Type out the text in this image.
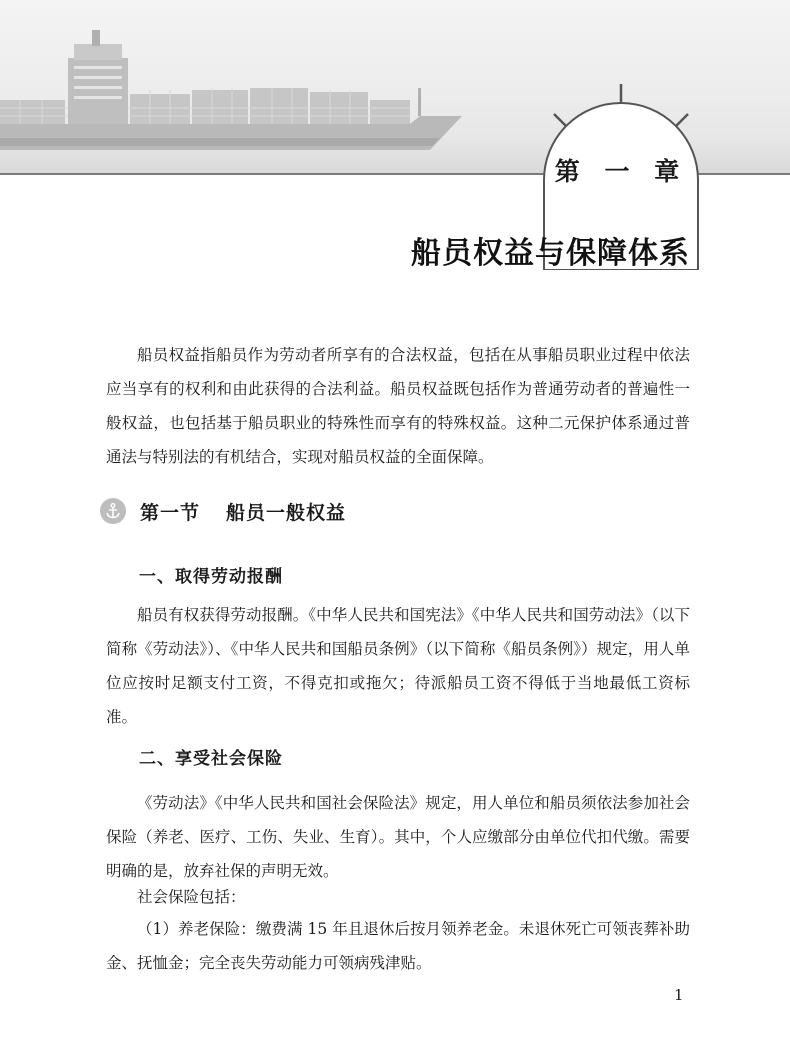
第 一 章
船员权益与保障体系

船员权益指船员作为劳动者所享有的合法权益，包括在从事船员职业过程中依法应当享有的权利和由此获得的合法利益。船员权益既包括作为普通劳动者的普遍性一般权益，也包括基于船员职业的特殊性而享有的特殊权益。这种二元保护体系通过普通法与特别法的有机结合，实现对船员权益的全面保障。

第一节 船员一般权益
一、取得劳动报酬

船员有权获得劳动报酬。《中华人民共和国宪法》《中华人民共和国劳动法》（以下简称《劳动法》）、《中华人民共和国船员条例》（以下简称《船员条例》）规定，用人单位应按时足额支付工资，不得克扣或拖欠；待派船员工资不得低于当地最低工资标准。

二、享受社会保险

《劳动法》《中华人民共和国社会保险法》规定，用人单位和船员须依法参加社会保险（养老、医疗、工伤、失业、生育）。其中，个人应缴部分由单位代扣代缴。需要明确的是，放弃社保的声明无效。

社会保险包括：

（1）养老保险：缴费满 15 年且退休后按月领养老金。未退休死亡可领丧葬补助金、抚恤金；完全丧失劳动能力可领病残津贴。

1
